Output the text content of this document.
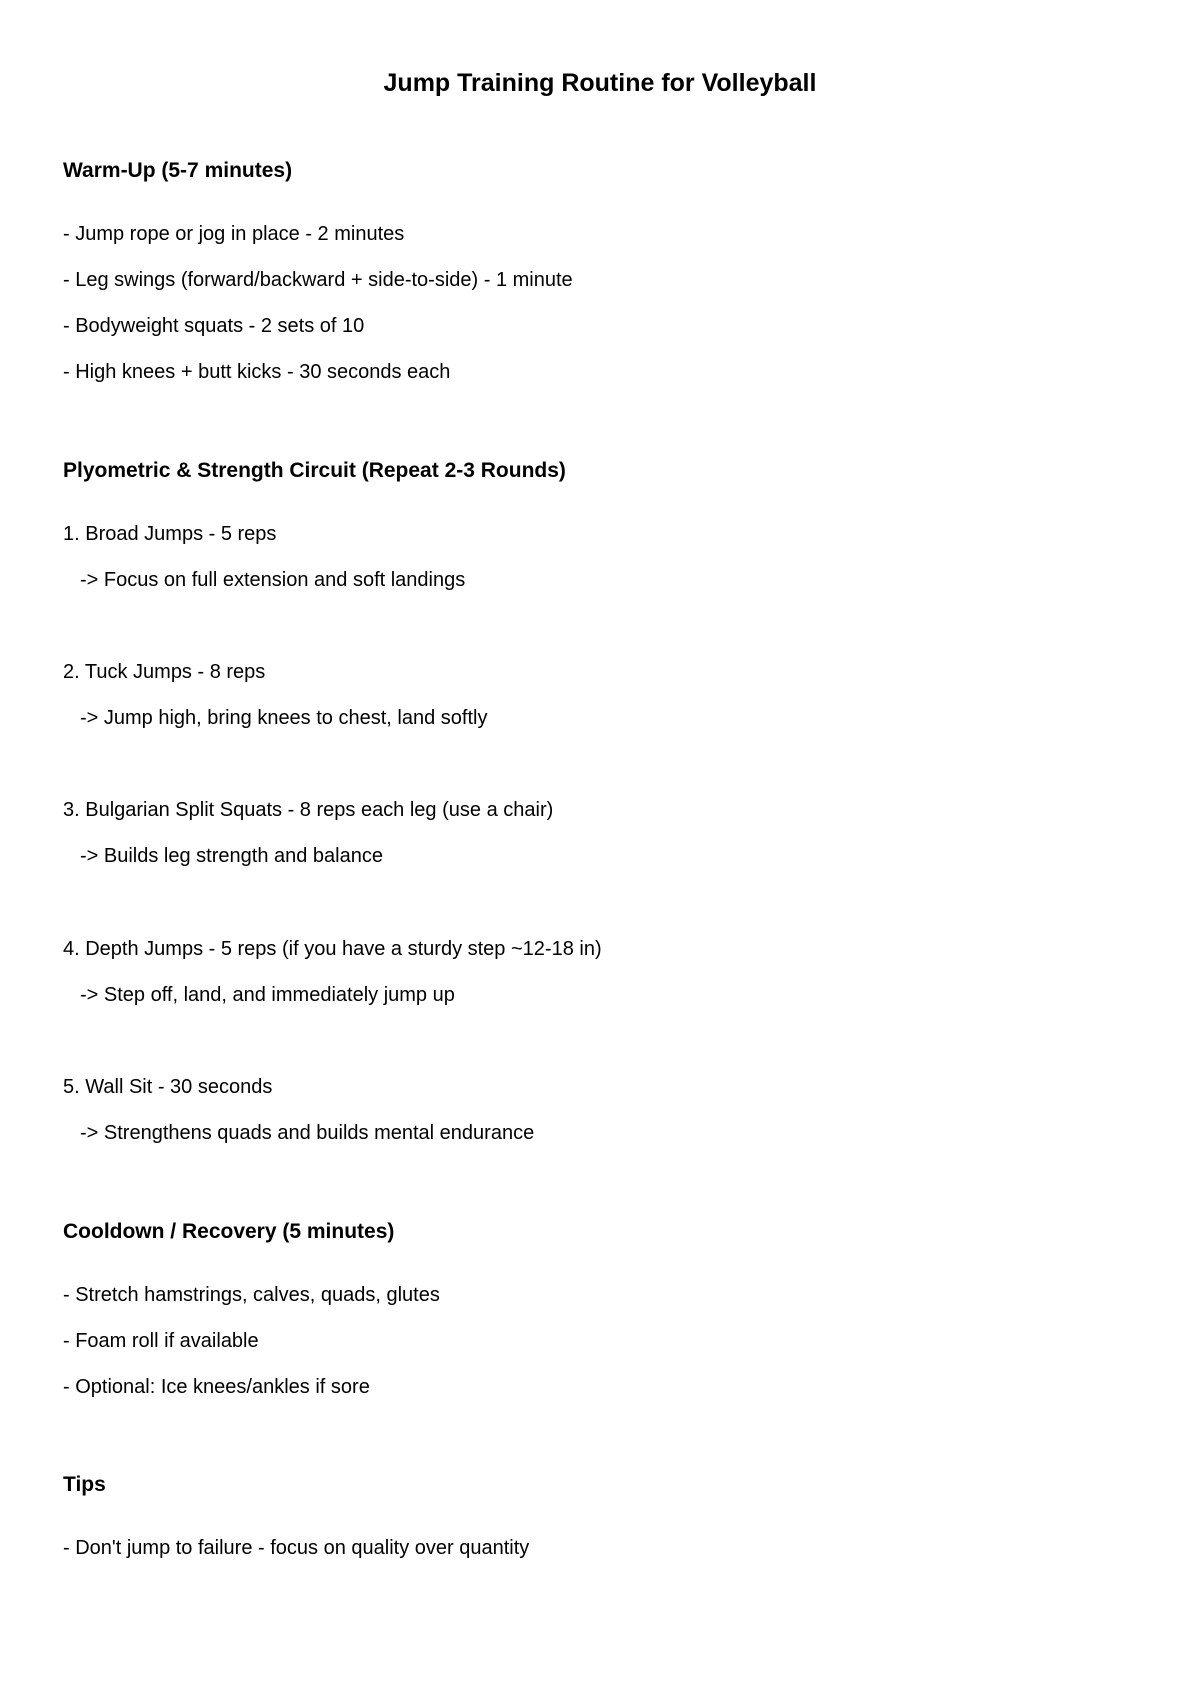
Jump Training Routine for Volleyball
Warm-Up (5-7 minutes)

- Jump rope or jog in place - 2 minutes

- Leg swings (forward/backward + side-to-side) - 1 minute

- Bodyweight squats - 2 sets of 10

- High knees + butt kicks - 30 seconds each

Plyometric & Strength Circuit (Repeat 2-3 Rounds)

1. Broad Jumps - 5 reps

-> Focus on full extension and soft landings

2. Tuck Jumps - 8 reps

-> Jump high, bring knees to chest, land softly

3. Bulgarian Split Squats - 8 reps each leg (use a chair)

-> Builds leg strength and balance

4. Depth Jumps - 5 reps (if you have a sturdy step ~12-18 in)

-> Step off, land, and immediately jump up

5. Wall Sit - 30 seconds

-> Strengthens quads and builds mental endurance

Cooldown / Recovery (5 minutes)

- Stretch hamstrings, calves, quads, glutes

- Foam roll if available

- Optional: Ice knees/ankles if sore

Tips

- Don't jump to failure - focus on quality over quantity
